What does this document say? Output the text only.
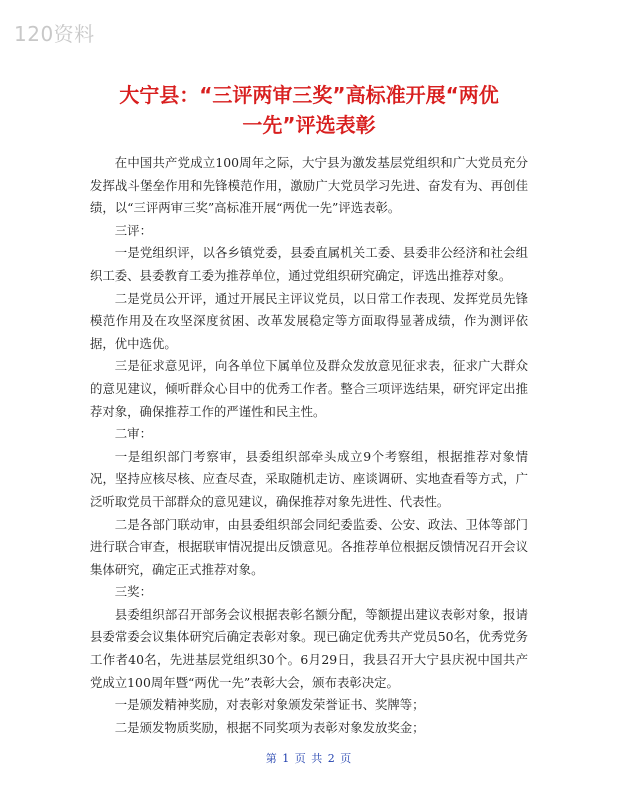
120资料
大宁县：“三评两审三奖”高标准开展“两优
一先”评选表彰

在中国共产党成立100周年之际，大宁县为激发基层党组织和广大党员充分发挥战斗堡垒作用和先锋模范作用，激励广大党员学习先进、奋发有为、再创佳绩，以“三评两审三奖”高标准开展“两优一先”评选表彰。

三评：

一是党组织评，以各乡镇党委，县委直属机关工委、县委非公经济和社会组织工委、县委教育工委为推荐单位，通过党组织研究确定，评选出推荐对象。

二是党员公开评，通过开展民主评议党员，以日常工作表现、发挥党员先锋模范作用及在攻坚深度贫困、改革发展稳定等方面取得显著成绩，作为测评依据，优中选优。

三是征求意见评，向各单位下属单位及群众发放意见征求表，征求广大群众的意见建议，倾听群众心目中的优秀工作者。整合三项评选结果，研究评定出推荐对象，确保推荐工作的严谨性和民主性。

二审：

一是组织部门考察审，县委组织部牵头成立9个考察组，根据推荐对象情况，坚持应核尽核、应查尽查，采取随机走访、座谈调研、实地查看等方式，广泛听取党员干部群众的意见建议，确保推荐对象先进性、代表性。

二是各部门联动审，由县委组织部会同纪委监委、公安、政法、卫体等部门进行联合审查，根据联审情况提出反馈意见。各推荐单位根据反馈情况召开会议集体研究，确定正式推荐对象。

三奖：

县委组织部召开部务会议根据表彰名额分配，等额提出建议表彰对象，报请县委常委会议集体研究后确定表彰对象。现已确定优秀共产党员50名，优秀党务工作者40名，先进基层党组织30个。6月29日，我县召开大宁县庆祝中国共产党成立100周年暨“两优一先”表彰大会，颁布表彰决定。

一是颁发精神奖励，对表彰对象颁发荣誉证书、奖牌等；

二是颁发物质奖励，根据不同奖项为表彰对象发放奖金；

第 1 页 共 2 页
